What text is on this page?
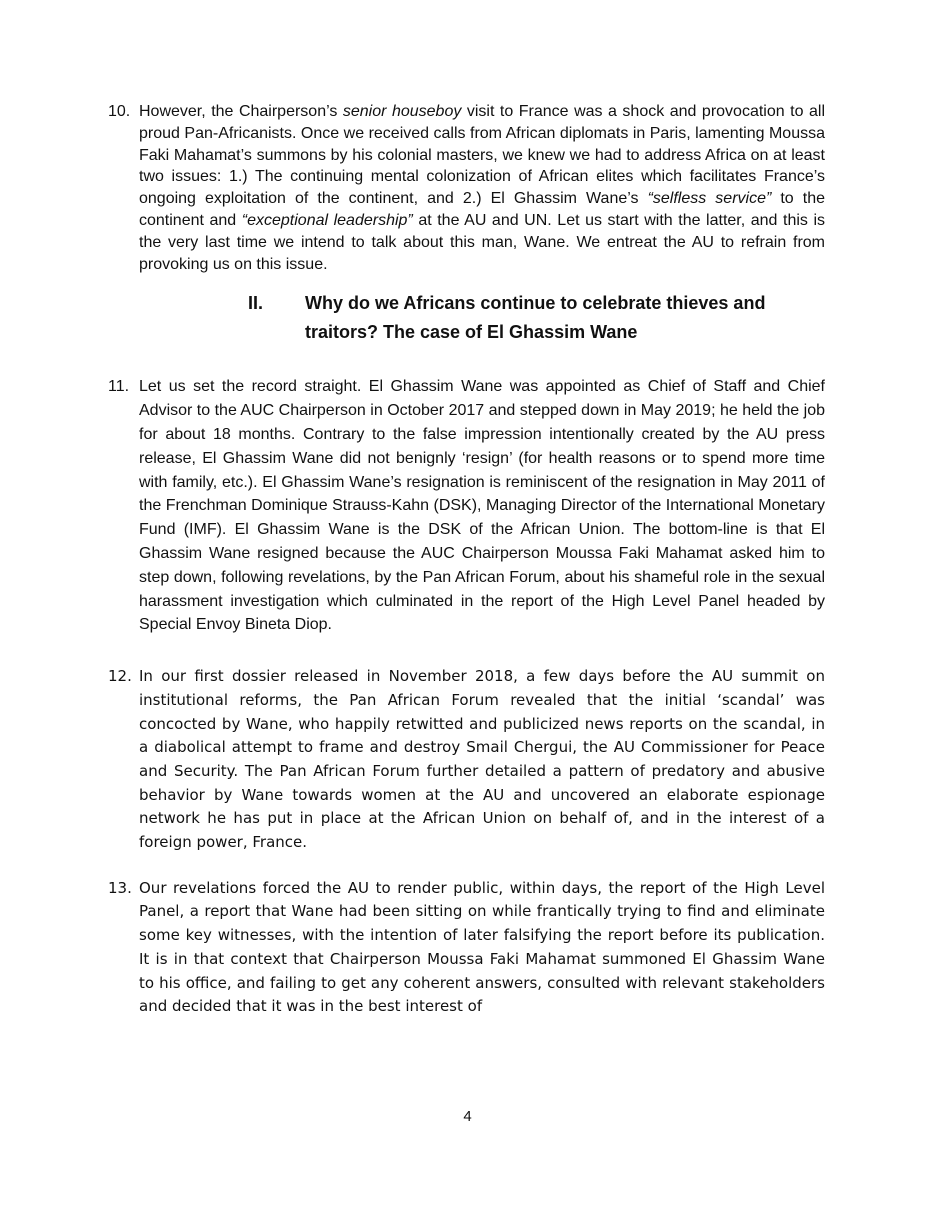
10. However, the Chairperson’s senior houseboy visit to France was a shock and provocation to all proud Pan-Africanists. Once we received calls from African diplomats in Paris, lamenting Moussa Faki Mahamat’s summons by his colonial masters, we knew we had to address Africa on at least two issues: 1.) The continuing mental colonization of African elites which facilitates France’s ongoing exploitation of the continent, and 2.) El Ghassim Wane’s “selfless service” to the continent and “exceptional leadership” at the AU and UN. Let us start with the latter, and this is the very last time we intend to talk about this man, Wane. We entreat the AU to refrain from provoking us on this issue.
II.	Why do we Africans continue to celebrate thieves and traitors? The case of El Ghassim Wane
11. Let us set the record straight. El Ghassim Wane was appointed as Chief of Staff and Chief Advisor to the AUC Chairperson in October 2017 and stepped down in May 2019; he held the job for about 18 months. Contrary to the false impression intentionally created by the AU press release, El Ghassim Wane did not benignly ‘resign’ (for health reasons or to spend more time with family, etc.). El Ghassim Wane’s resignation is reminiscent of the resignation in May 2011 of the Frenchman Dominique Strauss-Kahn (DSK), Managing Director of the International Monetary Fund (IMF). El Ghassim Wane is the DSK of the African Union. The bottom-line is that El Ghassim Wane resigned because the AUC Chairperson Moussa Faki Mahamat asked him to step down, following revelations, by the Pan African Forum, about his shameful role in the sexual harassment investigation which culminated in the report of the High Level Panel headed by Special Envoy Bineta Diop.
12. In our first dossier released in November 2018, a few days before the AU summit on institutional reforms, the Pan African Forum revealed that the initial ‘scandal’ was concocted by Wane, who happily retwitted and publicized news reports on the scandal, in a diabolical attempt to frame and destroy Smail Chergui, the AU Commissioner for Peace and Security. The Pan African Forum further detailed a pattern of predatory and abusive behavior by Wane towards women at the AU and uncovered an elaborate espionage network he has put in place at the African Union on behalf of, and in the interest of a foreign power, France.
13. Our revelations forced the AU to render public, within days, the report of the High Level Panel, a report that Wane had been sitting on while frantically trying to find and eliminate some key witnesses, with the intention of later falsifying the report before its publication. It is in that context that Chairperson Moussa Faki Mahamat summoned El Ghassim Wane to his office, and failing to get any coherent answers, consulted with relevant stakeholders and decided that it was in the best interest of
4
